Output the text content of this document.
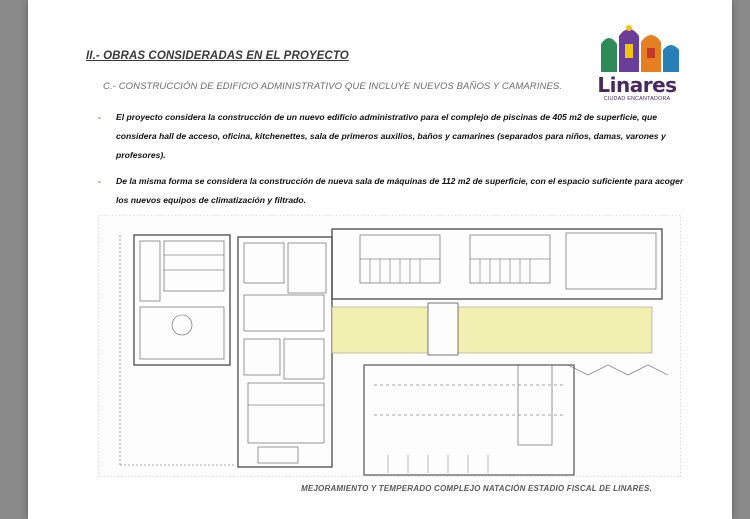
II.- OBRAS CONSIDERADAS EN EL PROYECTO
C.- CONSTRUCCIÓN DE EDIFICIO ADMINISTRATIVO QUE INCLUYE NUEVOS BAÑOS Y CAMARINES.
- El proyecto considera la construcción de un nuevo edificio administrativo para el complejo de piscinas de 405 m2 de superficie, que considera hall de acceso, oficina, kitchenettes, sala de primeros auxilios, baños y camarines (separados para niños, damas, varones y profesores).
- De la misma forma se considera la construcción de nueva sala de máquinas de 112 m2 de superficie, con el espacio suficiente para acoger los nuevos equipos de climatización y filtrado.
Linares
CIUDAD ENCANTADORA
MEJORAMIENTO Y TEMPERADO COMPLEJO NATACIÓN ESTADIO FISCAL DE LINARES.
